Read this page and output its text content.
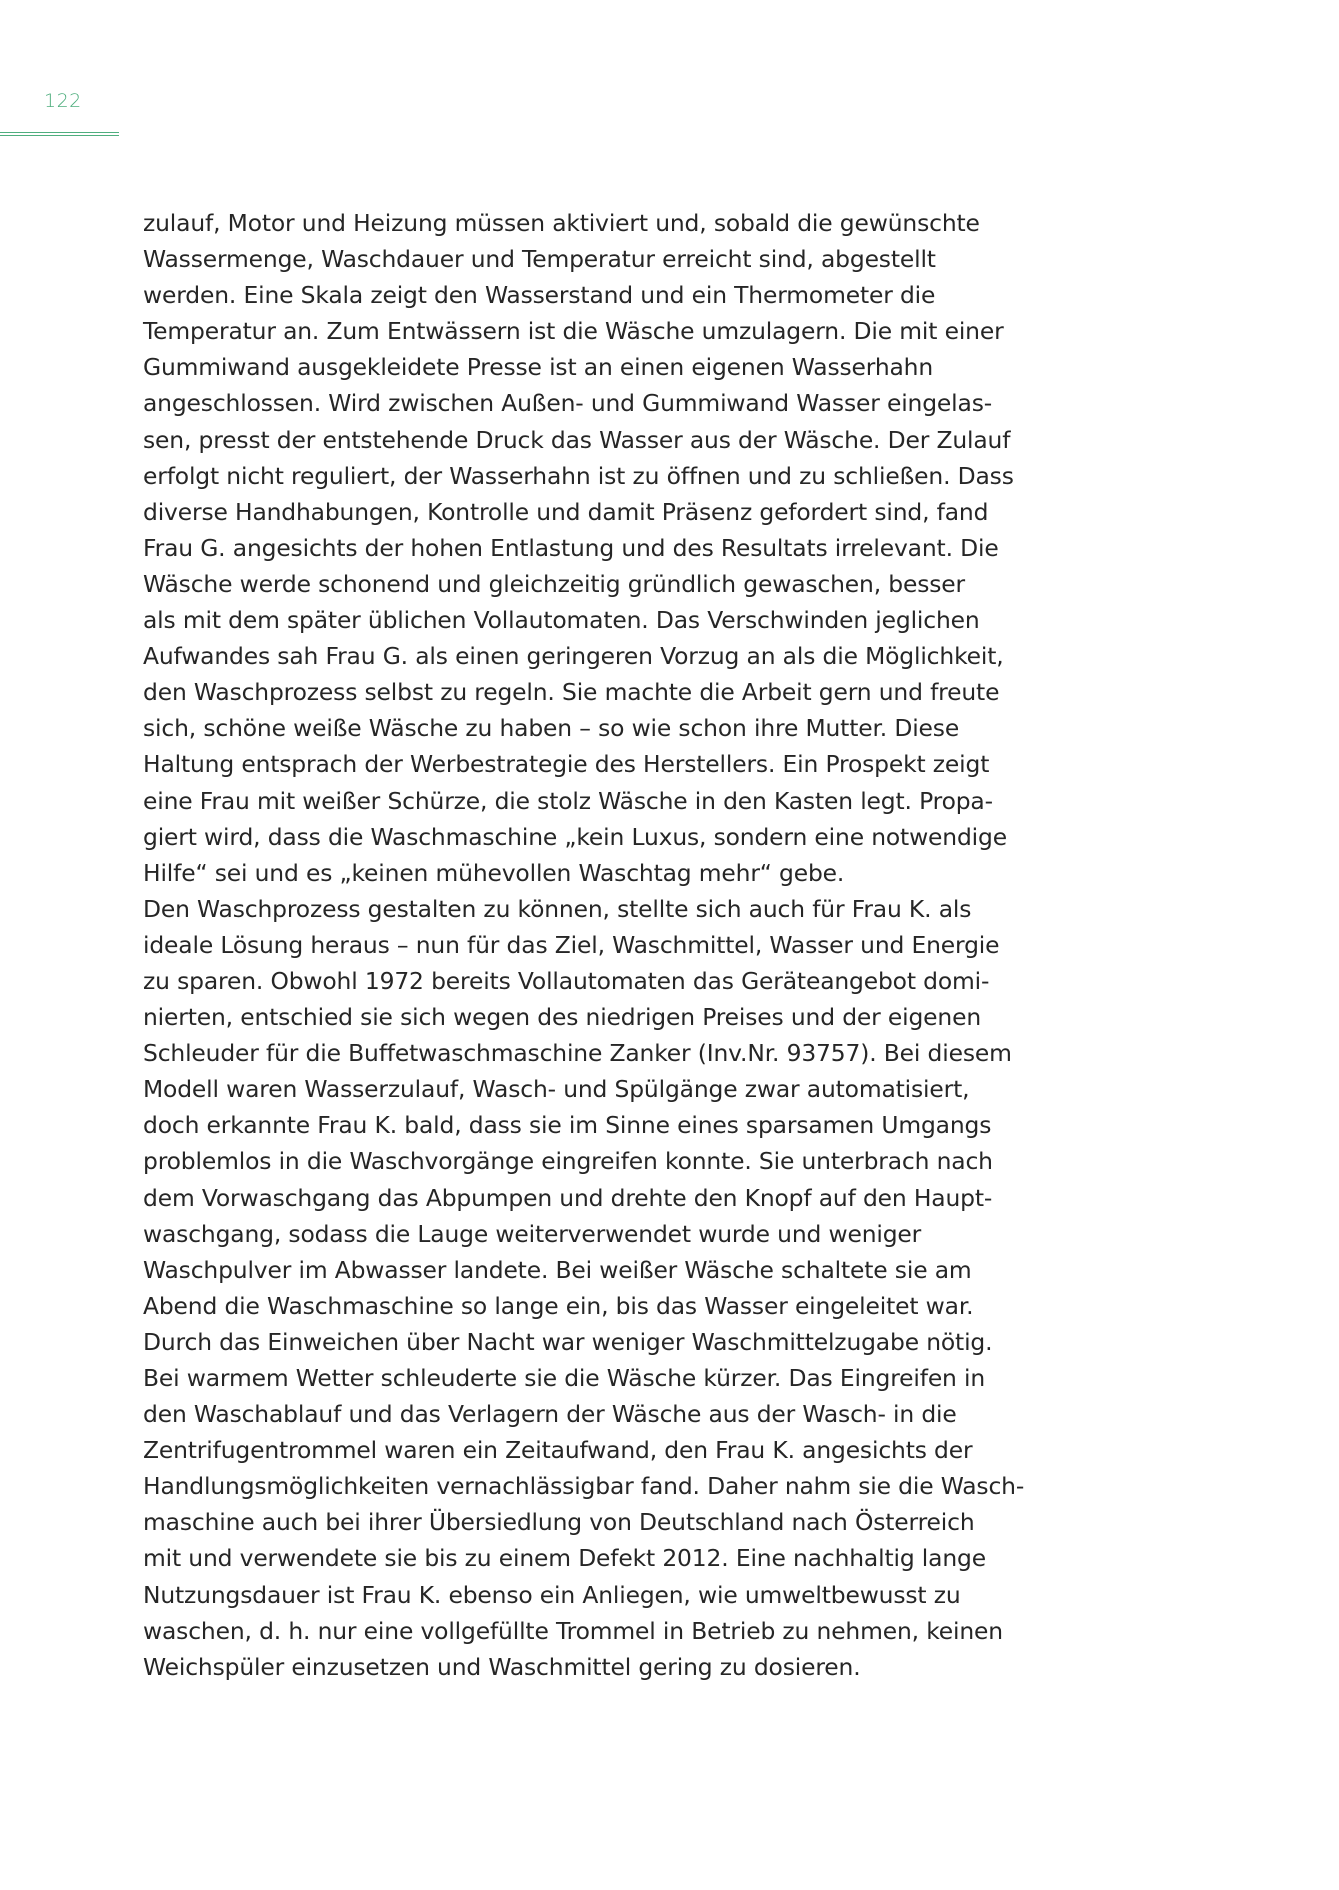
122
zulauf, Motor und Heizung müssen aktiviert und, sobald die gewünschte
Wassermenge, Waschdauer und Temperatur erreicht sind, abgestellt
werden. Eine Skala zeigt den Wasserstand und ein Thermometer die
Temperatur an. Zum Entwässern ist die Wäsche umzulagern. Die mit einer
Gummiwand ausgekleidete Presse ist an einen eigenen Wasserhahn
angeschlossen. Wird zwischen Außen- und Gummiwand Wasser eingelas-
sen, presst der entstehende Druck das Wasser aus der Wäsche. Der Zulauf
erfolgt nicht reguliert, der Wasserhahn ist zu öffnen und zu schließen. Dass
diverse Handhabungen, Kontrolle und damit Präsenz gefordert sind, fand
Frau G. angesichts der hohen Entlastung und des Resultats irrelevant. Die
Wäsche werde schonend und gleichzeitig gründlich gewaschen, besser
als mit dem später üblichen Vollautomaten. Das Verschwinden jeglichen
Aufwandes sah Frau G. als einen geringeren Vorzug an als die Möglichkeit,
den Waschprozess selbst zu regeln. Sie machte die Arbeit gern und freute
sich, schöne weiße Wäsche zu haben – so wie schon ihre Mutter. Diese
Haltung entsprach der Werbestrategie des Herstellers. Ein Prospekt zeigt
eine Frau mit weißer Schürze, die stolz Wäsche in den Kasten legt. Propa-
giert wird, dass die Waschmaschine „kein Luxus, sondern eine notwendige
Hilfe“ sei und es „keinen mühevollen Waschtag mehr“ gebe.
Den Waschprozess gestalten zu können, stellte sich auch für Frau K. als
ideale Lösung heraus – nun für das Ziel, Waschmittel, Wasser und Energie
zu sparen. Obwohl 1972 bereits Vollautomaten das Geräteangebot domi-
nierten, entschied sie sich wegen des niedrigen Preises und der eigenen
Schleuder für die Buffetwaschmaschine Zanker (Inv.Nr. 93757). Bei diesem
Modell waren Wasserzulauf, Wasch- und Spülgänge zwar automatisiert,
doch erkannte Frau K. bald, dass sie im Sinne eines sparsamen Umgangs
problemlos in die Waschvorgänge eingreifen konnte. Sie unterbrach nach
dem Vorwaschgang das Abpumpen und drehte den Knopf auf den Haupt-
waschgang, sodass die Lauge weiterverwendet wurde und weniger
Waschpulver im Abwasser landete. Bei weißer Wäsche schaltete sie am
Abend die Waschmaschine so lange ein, bis das Wasser eingeleitet war.
Durch das Einweichen über Nacht war weniger Waschmittelzugabe nötig.
Bei warmem Wetter schleuderte sie die Wäsche kürzer. Das Eingreifen in
den Waschablauf und das Verlagern der Wäsche aus der Wasch- in die
Zentrifugentrommel waren ein Zeitaufwand, den Frau K. angesichts der
Handlungsmöglichkeiten vernachlässigbar fand. Daher nahm sie die Wasch-
maschine auch bei ihrer Übersiedlung von Deutschland nach Österreich
mit und verwendete sie bis zu einem Defekt 2012. Eine nachhaltig lange
Nutzungsdauer ist Frau K. ebenso ein Anliegen, wie umweltbewusst zu
waschen, d. h. nur eine vollgefüllte Trommel in Betrieb zu nehmen, keinen
Weichspüler einzusetzen und Waschmittel gering zu dosieren.
